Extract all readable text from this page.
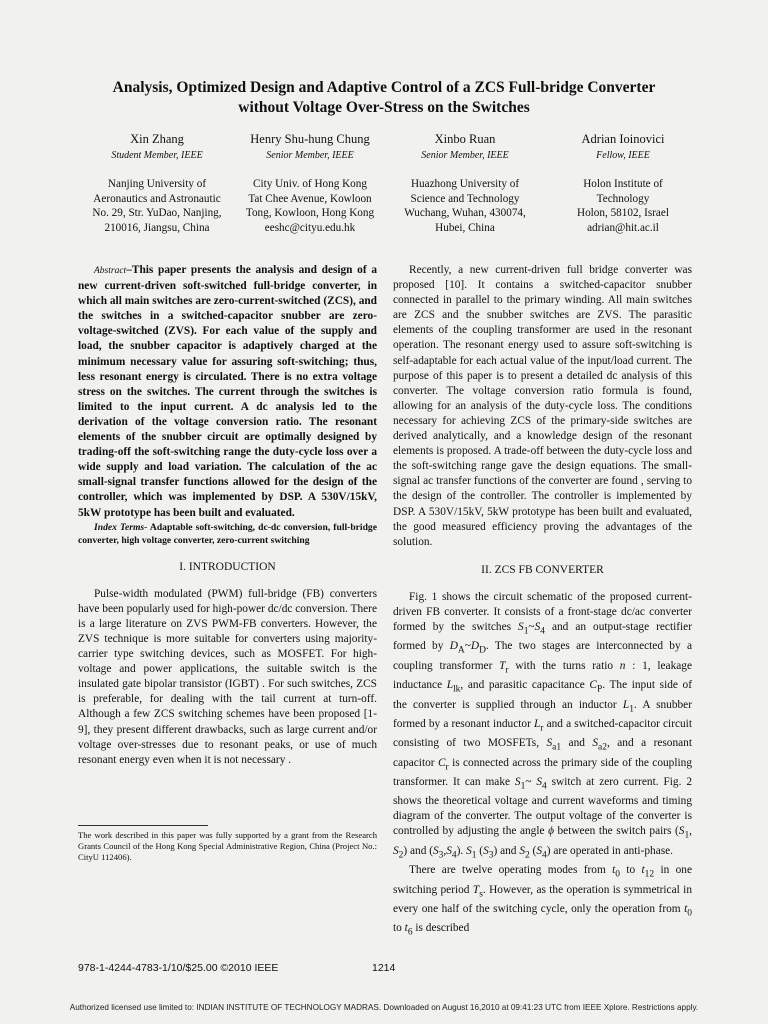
Analysis, Optimized Design and Adaptive Control of a ZCS Full-bridge Converter
without Voltage Over-Stress on the Switches
Xin Zhang
Student Member, IEEE
Nanjing University of
Aeronautics and Astronautic
No. 29, Str. YuDao, Nanjing,
210016, Jiangsu, China
Henry Shu-hung Chung
Senior Member, IEEE
City Univ. of Hong Kong
Tat Chee Avenue, Kowloon
Tong, Kowloon, Hong Kong
eeshc@cityu.edu.hk
Xinbo Ruan
Senior Member, IEEE
Huazhong University of
Science and Technology
Wuchang, Wuhan, 430074,
Hubei, China
Adrian Ioinovici
Fellow, IEEE
Holon Institute of
Technology
Holon, 58102, Israel
adrian@hit.ac.il

Abstract–This paper presents the analysis and design of a new current-driven soft-switched full-bridge converter, in which all main switches are zero-current-switched (ZCS), and the switches in a switched-capacitor snubber are zero-voltage-switched (ZVS). For each value of the supply and load, the snubber capacitor is adaptively charged at the minimum necessary value for assuring soft-switching; thus, less resonant energy is circulated. There is no extra voltage stress on the switches. The current through the switches is limited to the input current. A dc analysis led to the derivation of the voltage conversion ratio. The resonant elements of the snubber circuit are optimally designed by trading-off the soft-switching range the duty-cycle loss over a wide supply and load variation. The calculation of the ac small-signal transfer functions allowed for the design of the controller, which was implemented by DSP. A 530V/15kV, 5kW prototype has been built and evaluated.

Index Terms- Adaptable soft-switching, dc-dc conversion, full-bridge converter, high voltage converter, zero-current switching

I. INTRODUCTION

Pulse-width modulated (PWM) full-bridge (FB) converters have been popularly used for high-power dc/dc conversion. There is a large literature on ZVS PWM-FB converters. However, the ZVS technique is more suitable for converters using majority-carrier type switching devices, such as MOSFET. For high-voltage and power applications, the suitable switch is the insulated gate bipolar transistor (IGBT) . For such switches, ZCS is preferable, for dealing with the tail current at turn-off. Although a few ZCS switching schemes have been proposed [1-9], they present different drawbacks, such as large current and/or voltage over-stresses due to resonant peaks, or use of much resonant energy even when it is not necessary .

The work described in this paper was fully supported by a grant from the Research Grants Council of the Hong Kong Special Administrative Region, China (Project No.: CityU 112406).

Recently, a new current-driven full bridge converter was proposed [10]. It contains a switched-capacitor snubber connected in parallel to the primary winding. All main switches are ZCS and the snubber switches are ZVS. The parasitic elements of the coupling transformer are used in the resonant operation. The resonant energy used to assure soft-switching is self-adaptable for each actual value of the input/load current. The purpose of this paper is to present a detailed dc analysis of this converter. The voltage conversion ratio formula is found, allowing for an analysis of the duty-cycle loss. The conditions necessary for achieving ZCS of the primary-side switches are derived analytically, and a knowledge design of the resonant elements is proposed. A trade-off between the duty-cycle loss and the soft-switching range gave the design equations. The small-signal ac transfer functions of the converter are found , serving to the design of the controller. The controller is implemented by DSP. A 530V/15kV, 5kW prototype has been built and evaluated, the good measured efficiency proving the advantages of the solution.

II. ZCS FB CONVERTER

Fig. 1 shows the circuit schematic of the proposed current-driven FB converter. It consists of a front-stage dc/ac converter formed by the switches $S_1\sim S_4$ and an output-stage rectifier formed by $D_A\sim D_D$. The two stages are interconnected by a coupling transformer $T_r$ with the turns ratio n : 1, leakage inductance $L_{lk}$, and parasitic capacitance $C_P$. The input side of the converter is supplied through an inductor $L_1$. A snubber formed by a resonant inductor $L_r$ and a switched-capacitor circuit consisting of two MOSFETs, $S_{a1}$ and $S_{a2}$, and a resonant capacitor $C_r$ is connected across the primary side of the coupling transformer. It can make $S_1\sim$ $S_4$ switch at zero current. Fig. 2 shows the theoretical voltage and current waveforms and timing diagram of the converter. The output voltage of the converter is controlled by adjusting the angle ϕ between the switch pairs ($S_1$, $S_2$) and $(S_3,S_4)$. $S_1$ $(S_3)$ and $S_2$ $(S_4)$ are operated in anti-phase.

There are twelve operating modes from $t_0$ to $t_{12}$ in one switching period $T_s$. However, as the operation is symmetrical in every one half of the switching cycle, only the operation from $t_0$ to $t_6$ is described

978-1-4244-4783-1/10/$25.00 ©2010 IEEE	1214
Authorized licensed use limited to: INDIAN INSTITUTE OF TECHNOLOGY MADRAS. Downloaded on August 16,2010 at 09:41:23 UTC from IEEE Xplore. Restrictions apply.
